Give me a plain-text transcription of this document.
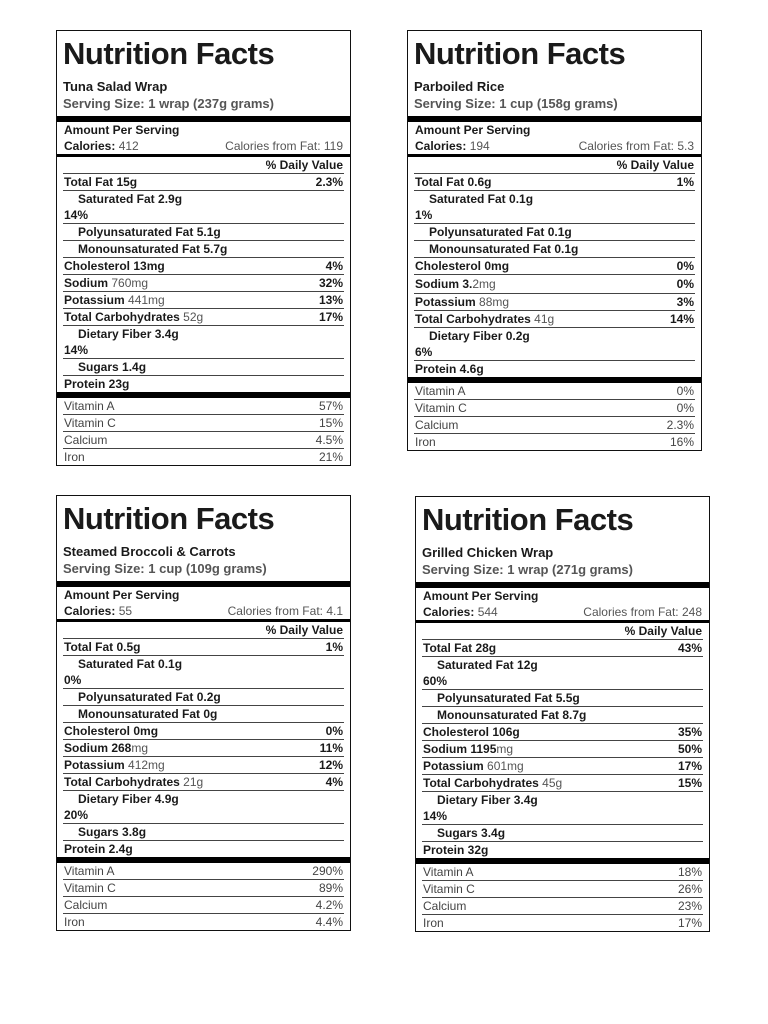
Nutrition Facts
Tuna Salad Wrap
Serving Size: 1 wrap (237g grams)
Amount Per Serving
Calories: 412	Calories from Fat: 119
% Daily Value
Total Fat 15g	2.3%
Saturated Fat 2.9g
14%
Polyunsaturated Fat 5.1g
Monounsaturated Fat 5.7g
Cholesterol 13mg	4%
Sodium 760mg	32%
Potassium 441mg	13%
Total Carbohydrates 52g	17%
Dietary Fiber 3.4g
14%
Sugars 1.4g
Protein 23g
Vitamin A	57%
Vitamin C	15%
Calcium	4.5%
Iron	21%
Nutrition Facts
Parboiled Rice
Serving Size: 1 cup (158g grams)
Amount Per Serving
Calories: 194	Calories from Fat: 5.3
% Daily Value
Total Fat 0.6g	1%
Saturated Fat 0.1g
1%
Polyunsaturated Fat 0.1g
Monounsaturated Fat 0.1g
Cholesterol 0mg	0%
Sodium 3.2mg	0%
Potassium 88mg	3%
Total Carbohydrates 41g	14%
Dietary Fiber 0.2g
6%
Protein 4.6g
Vitamin A	0%
Vitamin C	0%
Calcium	2.3%
Iron	16%
Nutrition Facts
Steamed Broccoli & Carrots
Serving Size: 1 cup (109g grams)
Amount Per Serving
Calories: 55	Calories from Fat: 4.1
% Daily Value
Total Fat 0.5g	1%
Saturated Fat 0.1g
0%
Polyunsaturated Fat 0.2g
Monounsaturated Fat 0g
Cholesterol 0mg	0%
Sodium 268mg	11%
Potassium 412mg	12%
Total Carbohydrates 21g	4%
Dietary Fiber 4.9g
20%
Sugars 3.8g
Protein 2.4g
Vitamin A	290%
Vitamin C	89%
Calcium	4.2%
Iron	4.4%
Nutrition Facts
Grilled Chicken Wrap
Serving Size: 1 wrap (271g grams)
Amount Per Serving
Calories: 544	Calories from Fat: 248
% Daily Value
Total Fat 28g	43%
Saturated Fat 12g
60%
Polyunsaturated Fat 5.5g
Monounsaturated Fat 8.7g
Cholesterol 106g	35%
Sodium 1195mg	50%
Potassium 601mg	17%
Total Carbohydrates 45g	15%
Dietary Fiber 3.4g
14%
Sugars 3.4g
Protein 32g
Vitamin A	18%
Vitamin C	26%
Calcium	23%
Iron	17%
